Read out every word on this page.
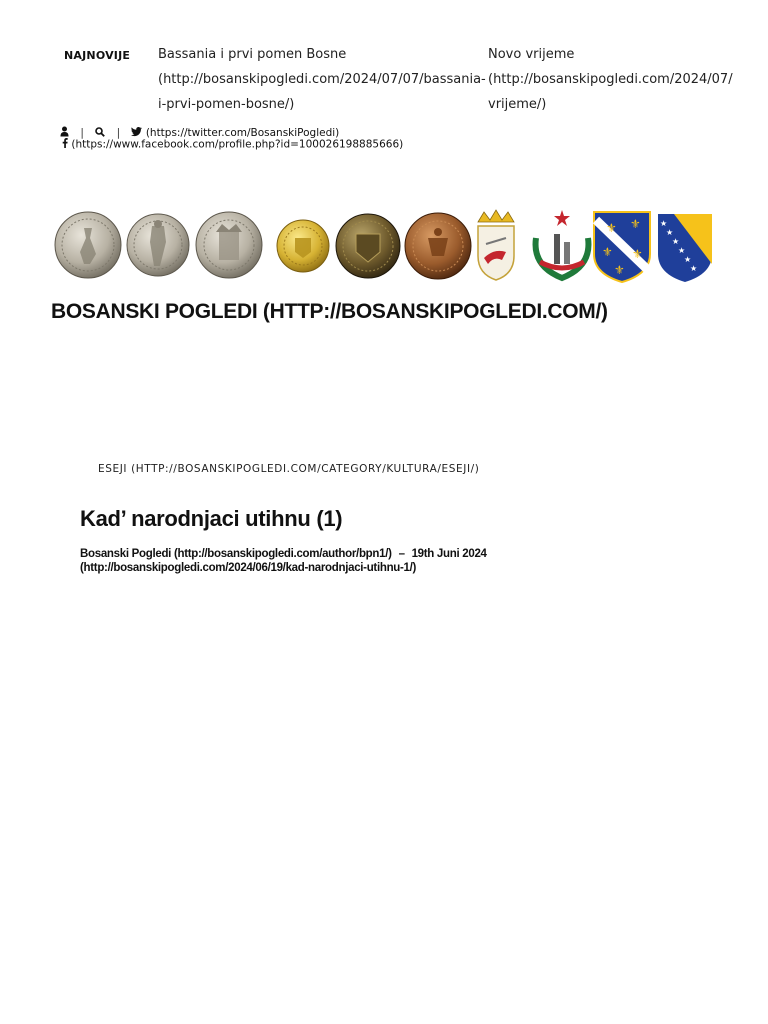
NAJNOVIJE Bassania i prvi pomen Bosne
(http://bosanskipogledi.com/2024/07/07/bassania-
i-prvi-pomen-bosne/)
Novo vrijeme
(http://bosanskipogledi.com/2024/07/
vrijeme/)
|	| (https://twitter.com/BosanskiPogledi)
(https://www.facebook.com/profile.php?id=100026198885666)
⚜ ⚜
⚜ ⚜
⚜
★
★
★
★
★
★
BOSANSKI POGLEDI (HTTP://BOSANSKIPOGLEDI.COM/)
ESEJI (HTTP://BOSANSKIPOGLEDI.COM/CATEGORY/KULTURA/ESEJI/)
Kad’ narodnjaci utihnu (1)
Bosanski Pogledi (http://bosanskipogledi.com/author/bpn1/) – 19th Juni 2024
(http://bosanskipogledi.com/2024/06/19/kad-narodnjaci-utihnu-1/)
